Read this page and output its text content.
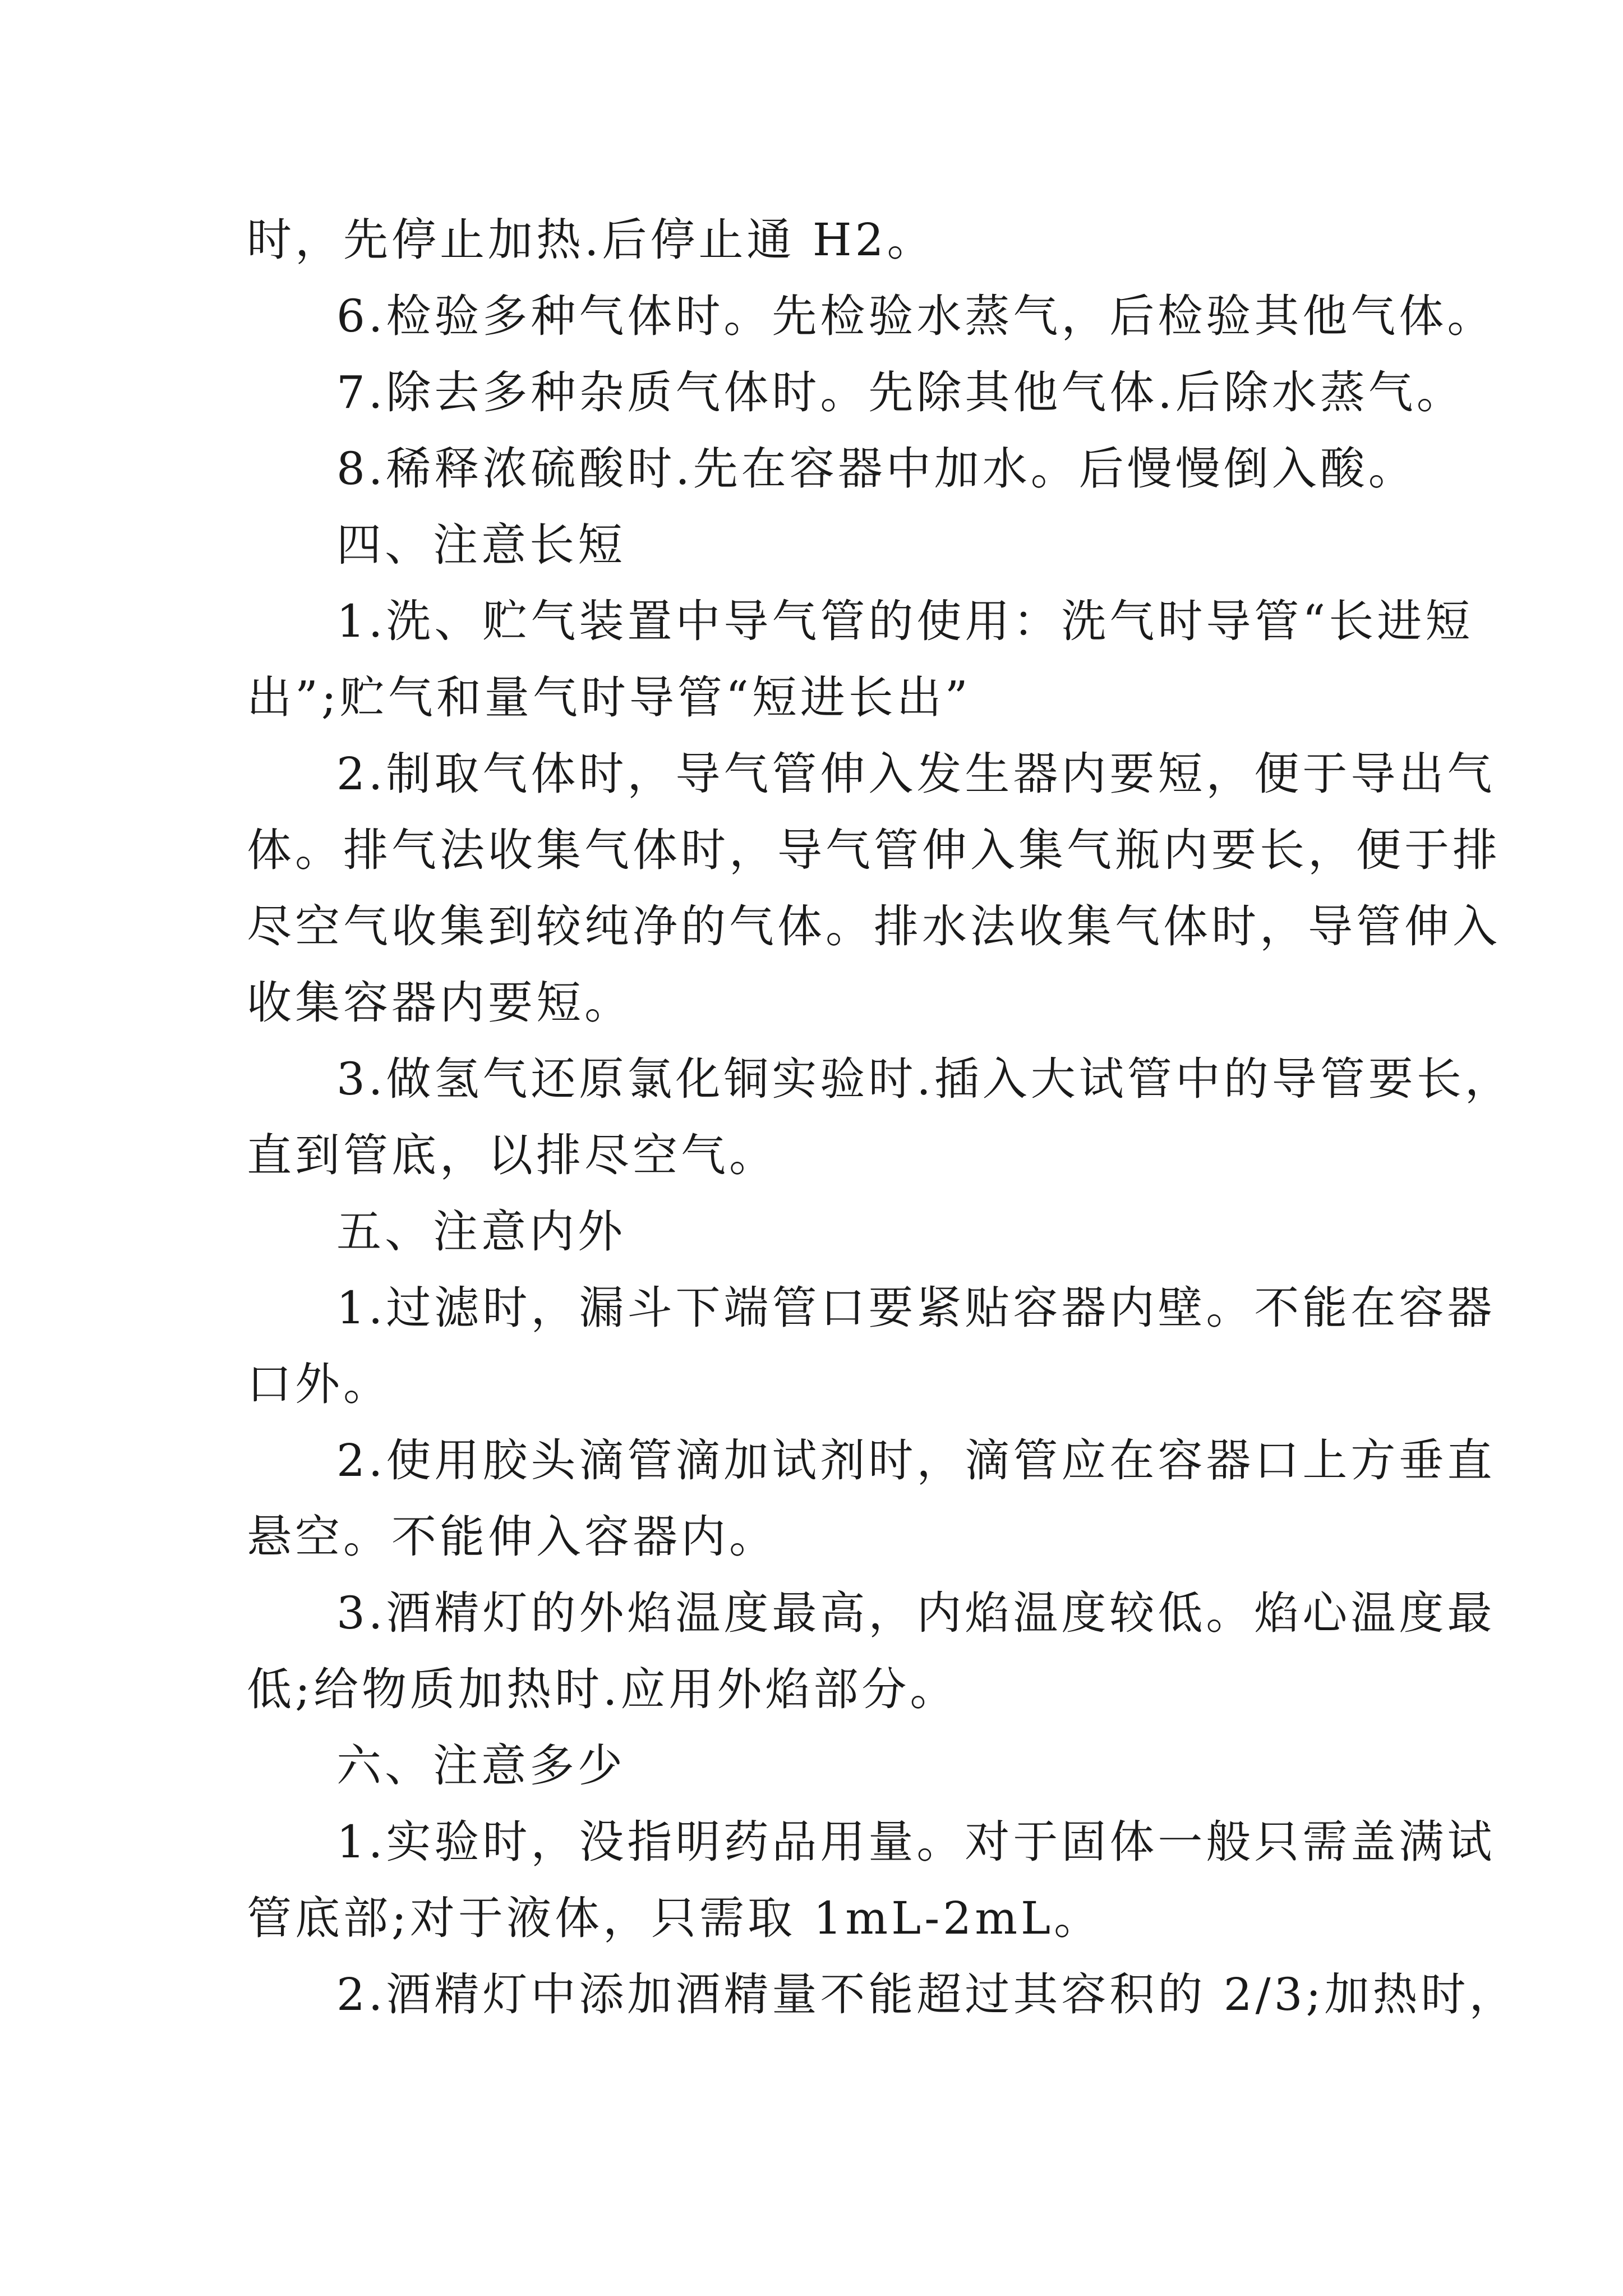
时，先停止加热.后停止通 H2。
6.检验多种气体时。先检验水蒸气，后检验其他气体。
7.除去多种杂质气体时。先除其他气体.后除水蒸气。
8.稀释浓硫酸时.先在容器中加水。后慢慢倒入酸。
四、注意长短
1.洗、贮气装置中导气管的使用：洗气时导管“长进短
出”;贮气和量气时导管“短进长出”
2.制取气体时，导气管伸入发生器内要短，便于导出气
体。排气法收集气体时，导气管伸入集气瓶内要长，便于排
尽空气收集到较纯净的气体。排水法收集气体时，导管伸入
收集容器内要短。
3.做氢气还原氯化铜实验时.插入大试管中的导管要长，
直到管底，以排尽空气。
五、注意内外
1.过滤时，漏斗下端管口要紧贴容器内壁。不能在容器
口外。
2.使用胶头滴管滴加试剂时，滴管应在容器口上方垂直
悬空。不能伸入容器内。
3.酒精灯的外焰温度最高，内焰温度较低。焰心温度最
低;给物质加热时.应用外焰部分。
六、注意多少
1.实验时，没指明药品用量。对于固体一般只需盖满试
管底部;对于液体，只需取 1mL-2mL。
2.酒精灯中添加酒精量不能超过其容积的 2/3;加热时，
